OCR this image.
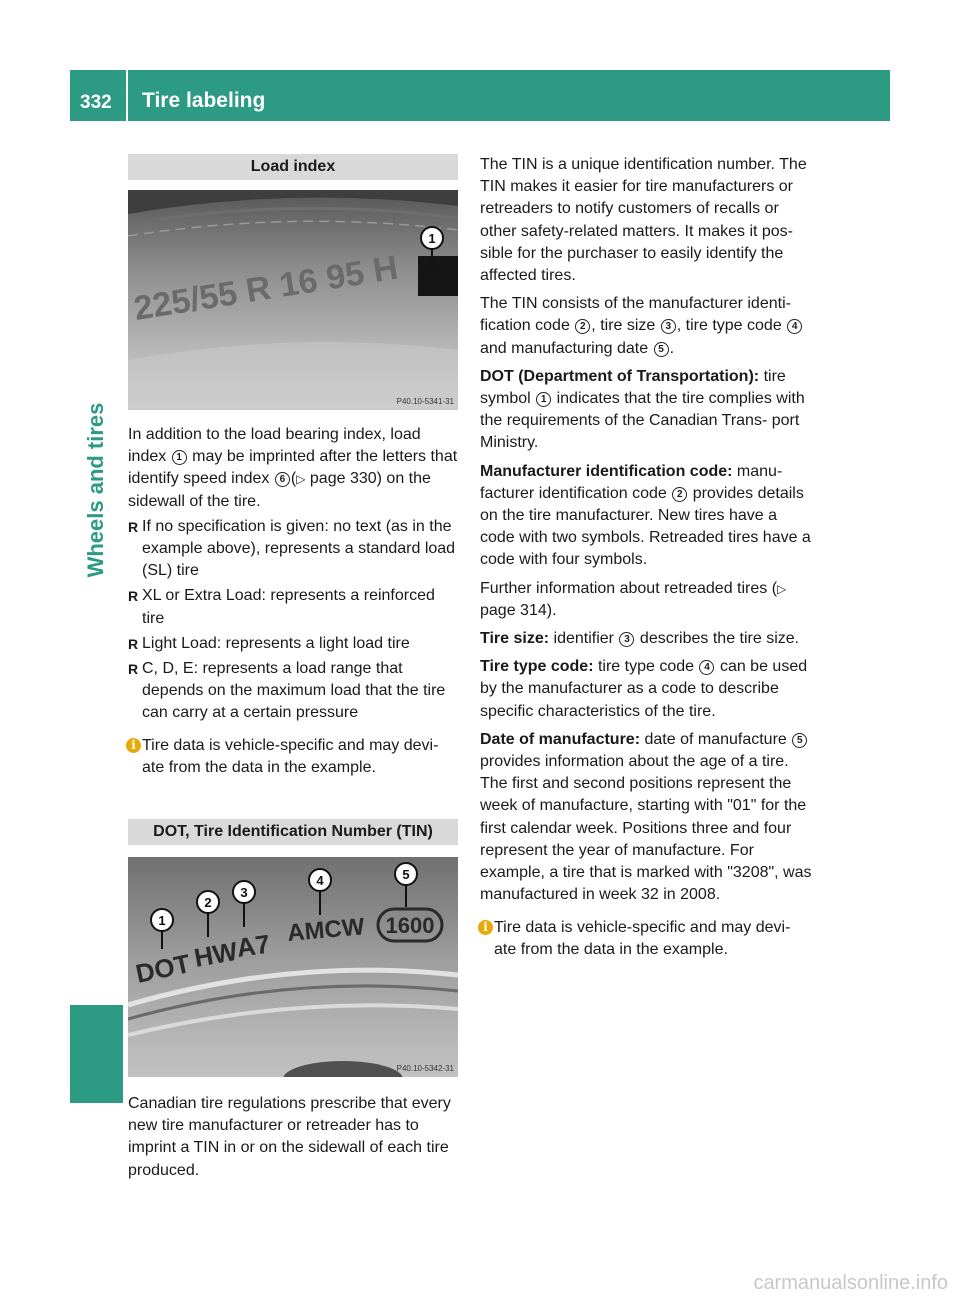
332 Tire labeling
Wheels and tires
Load index
225/55 R 16 95 H
1
P40.10-5341-31

In addition to the load bearing index, load index 1 may be imprinted after the letters that identify speed index 6 (▷ page 330) on the sidewall of the tire.

R If no specification is given: no text (as in the example above), represents a standard load (SL) tire
R XL or Extra Load: represents a reinforced tire
R Light Load: represents a light load tire
R C, D, E: represents a load range that depends on the maximum load that the tire can carry at a certain pressure
i Tire data is vehicle-specific and may devi- ate from the data in the example.
DOT, Tire Identification Number (TIN)
DOT
HW
A7 AMCW 1600
1
2
3
4	5
P40.10-5342-31

Canadian tire regulations prescribe that every new tire manufacturer or retreader has to imprint a TIN in or on the sidewall of each tire produced.

The TIN is a unique identification number. The TIN makes it easier for tire manufacturers or retreaders to notify customers of recalls or other safety-related matters. It makes it pos- sible for the purchaser to easily identify the affected tires.

The TIN consists of the manufacturer identi- fication code 2 , tire size 3 , tire type code 4 and manufacturing date 5 .

DOT (Department of Transportation): tire symbol 1 indicates that the tire complies with the requirements of the Canadian Trans- port Ministry.

Manufacturer identification code: manu- facturer identification code 2 provides details on the tire manufacturer. New tires have a code with two symbols. Retreaded tires have a code with four symbols.

Further information about retreaded tires (▷ page 314).

Tire size: identifier 3 describes the tire size.

Tire type code: tire type code 4 can be used by the manufacturer as a code to describe specific characteristics of the tire.

Date of manufacture: date of manufacture 5 provides information about the age of a tire. The first and second positions represent the week of manufacture, starting with "01" for the first calendar week. Positions three and four represent the year of manufacture. For example, a tire that is marked with "3208", was manufactured in week 32 in 2008.

i Tire data is vehicle-specific and may devi- ate from the data in the example.
carmanualsonline.info
